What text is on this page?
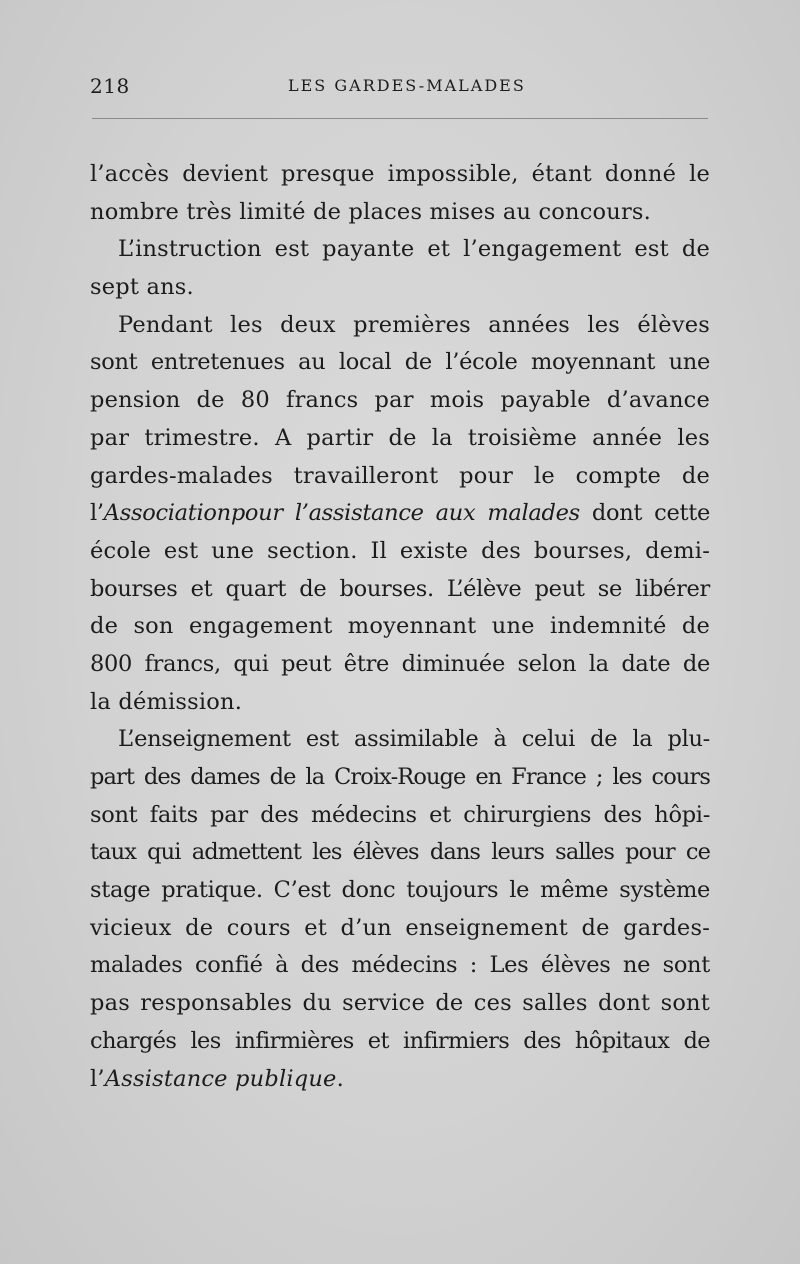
218	LES GARDES-MALADES
l’accès devient presque impossible, étant donné le
nombre très limité de places mises au concours.
L’instruction est payante et l’engagement est de
sept ans.
Pendant les deux premières années les élèves
sont entretenues au local de l’école moyennant une
pension de 80 francs par mois payable d’avance
par trimestre. A partir de la troisième année les
gardes-malades travailleront pour le compte de
l’Associationpour l’assistance aux malades dont cette
école est une section. Il existe des bourses, demi-
bourses et quart de bourses. L’élève peut se libérer
de son engagement moyennant une indemnité de
800 francs, qui peut être diminuée selon la date de
la démission.
L’enseignement est assimilable à celui de la plu-
part des dames de la Croix-Rouge en France ; les cours
sont faits par des médecins et chirurgiens des hôpi-
taux qui admettent les élèves dans leurs salles pour ce
stage pratique. C’est donc toujours le même système
vicieux de cours et d’un enseignement de gardes-
malades confié à des médecins : Les élèves ne sont
pas responsables du service de ces salles dont sont
chargés les infirmières et infirmiers des hôpitaux de
l’Assistance publique.
